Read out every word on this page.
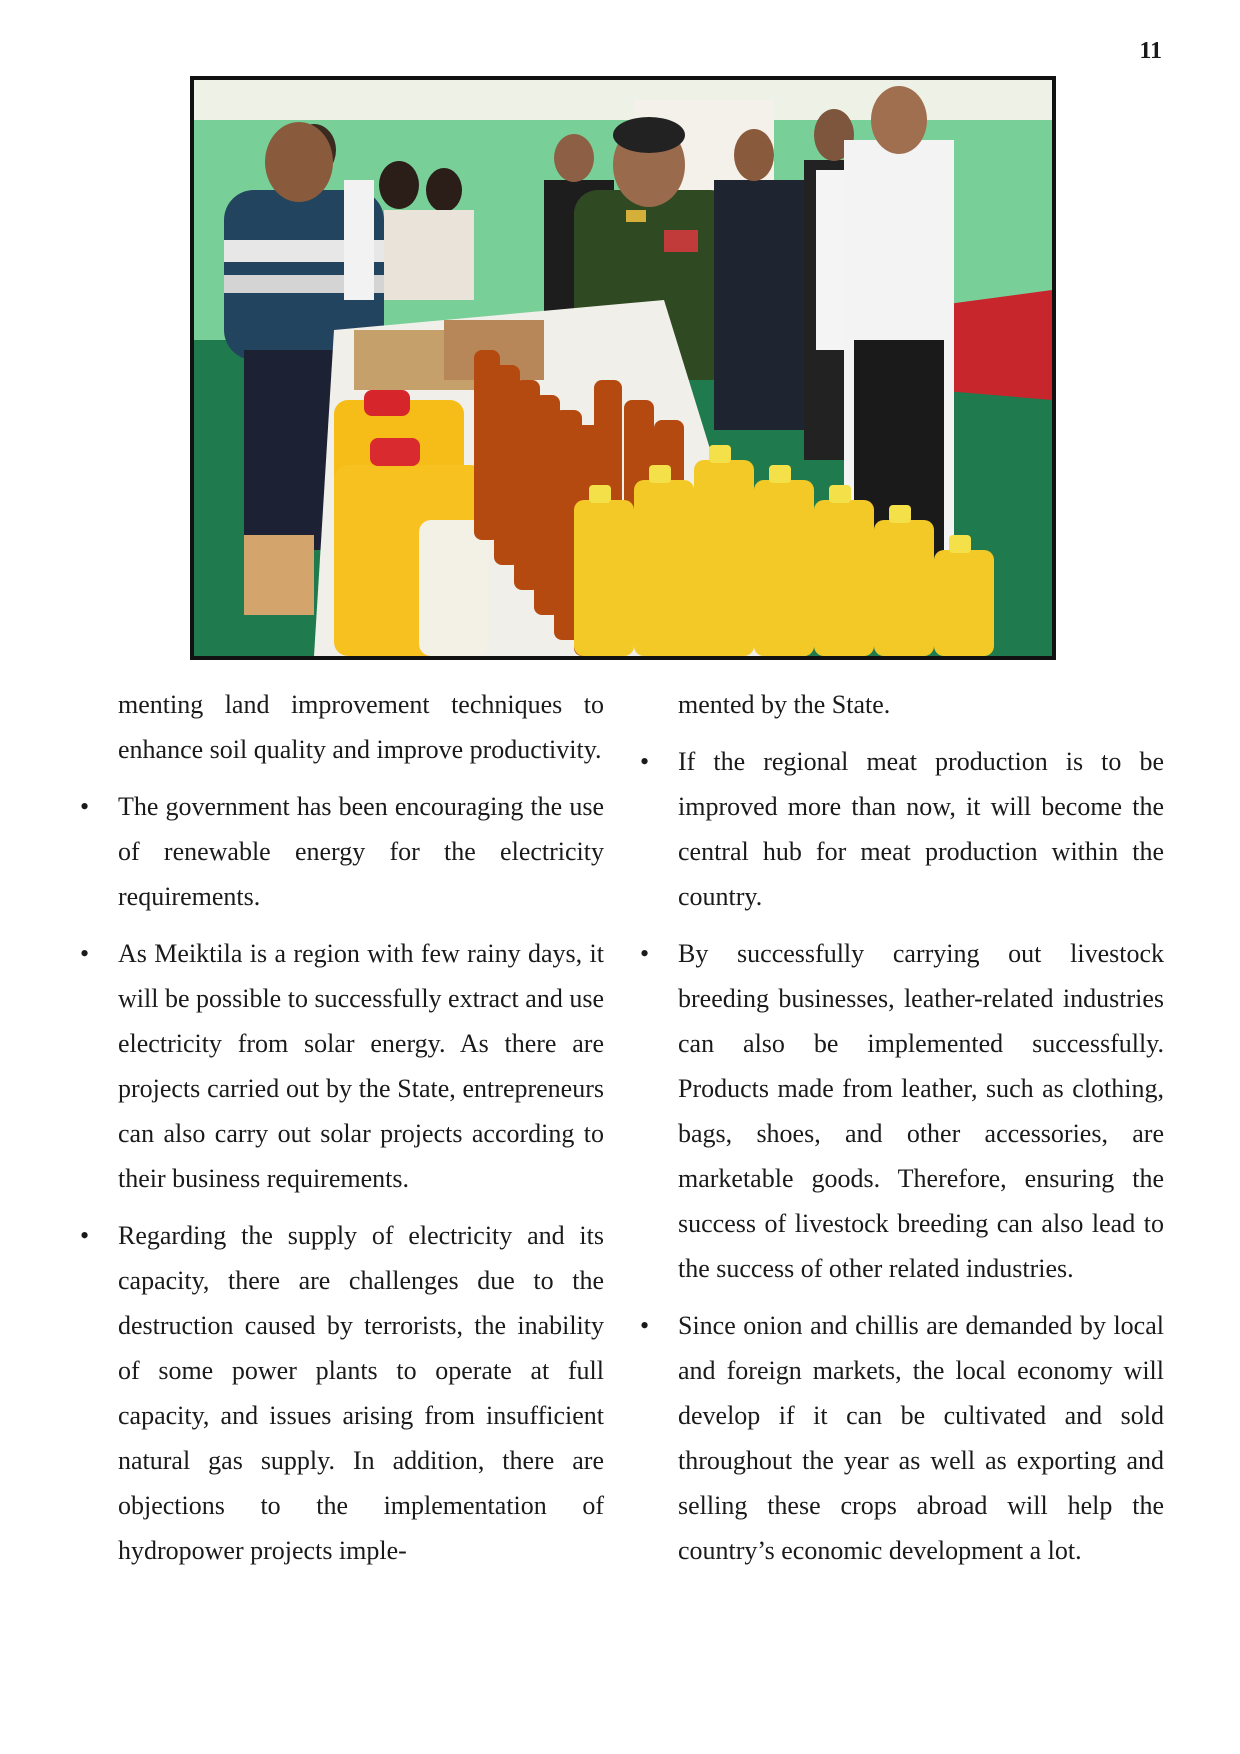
11

menting land improvement techniques to enhance soil quality and improve productivity.

• The government has been encouraging the use of renewable energy for the electricity requirements.

• As Meiktila is a region with few rainy days, it will be possible to successfully extract and use electricity from solar energy. As there are projects carried out by the State, entrepreneurs can also carry out solar projects according to their business requirements.

• Regarding the supply of electricity and its capacity, there are challenges due to the destruction caused by terrorists, the inability of some power plants to operate at full capacity, and issues arising from insufficient natural gas supply. In addition, there are objections to the implementation of hydropower projects imple-

mented by the State.

• If the regional meat production is to be improved more than now, it will become the central hub for meat production within the country.

• By successfully carrying out livestock breeding businesses, leather-related industries can also be implemented successfully. Products made from leather, such as clothing, bags, shoes, and other accessories, are marketable goods. Therefore, ensuring the success of livestock breeding can also lead to the success of other related industries.

• Since onion and chillis are demanded by local and foreign markets, the local economy will develop if it can be cultivated and sold throughout the year as well as exporting and selling these crops abroad will help the country’s economic development a lot.
